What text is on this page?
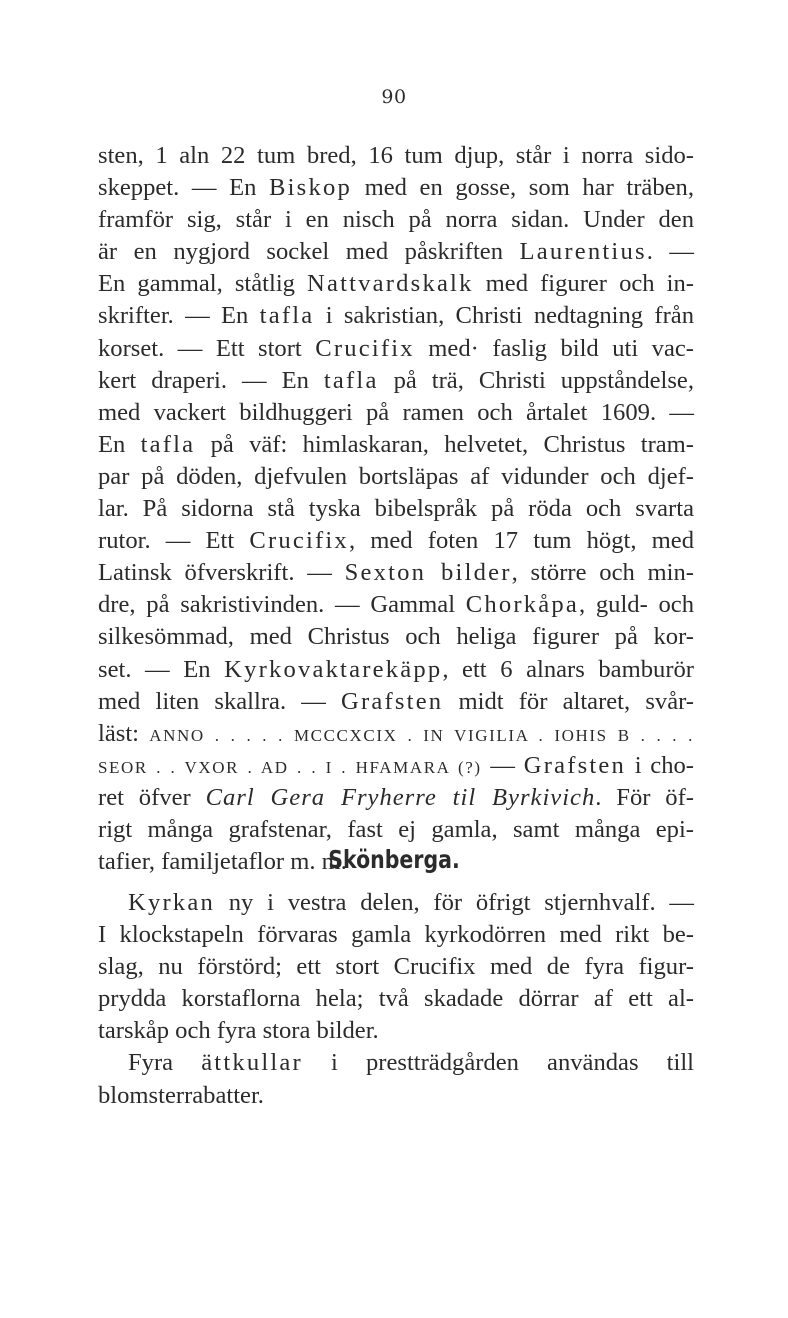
90
sten, 1 aln 22 tum bred, 16 tum djup, står i norra sido-
skeppet. — En Biskop med en gosse, som har träben,
framför sig, står i en nisch på norra sidan. Under den
är en nygjord sockel med påskriften Laurentius. —
En gammal, ståtlig Nattvardskalk med figurer och in-
skrifter. — En tafla i sakristian, Christi nedtagning från
korset. — Ett stort Crucifix med· faslig bild uti vac-
kert draperi. — En tafla på trä, Christi uppståndelse,
med vackert bildhuggeri på ramen och årtalet 1609. —
En tafla på väf: himlaskaran, helvetet, Christus tram-
par på döden, djefvulen bortsläpas af vidunder och djef-
lar. På sidorna stå tyska bibelspråk på röda och svarta
rutor. — Ett Crucifix, med foten 17 tum högt, med
Latinsk öfverskrift. — Sexton bilder, större och min-
dre, på sakristivinden. — Gammal Chorkåpa, guld- och
silkesömmad, med Christus och heliga figurer på kor-
set. — En Kyrkovaktarekäpp, ett 6 alnars bamburör
med liten skallra. — Grafsten midt för altaret, svår-
läst: ANNO . . . . . MCCCXCIX . IN VIGILIA . IOHIS B . . . .
SEOR . . VXOR . AD . . I . HFAMARA (?) — Grafsten i cho-
ret öfver Carl Gera Fryherre til Byrkivich. För öf-
rigt många grafstenar, fast ej gamla, samt många epi-
tafier, familjetaflor m. m.
Skönberga.
Kyrkan ny i vestra delen, för öfrigt stjernhvalf. —
I klockstapeln förvaras gamla kyrkodörren med rikt be-
slag, nu förstörd; ett stort Crucifix med de fyra figur-
prydda korstaflorna hela; två skadade dörrar af ett al-
tarskåp och fyra stora bilder.
Fyra ättkullar i prestträdgården användas till
blomsterrabatter.
